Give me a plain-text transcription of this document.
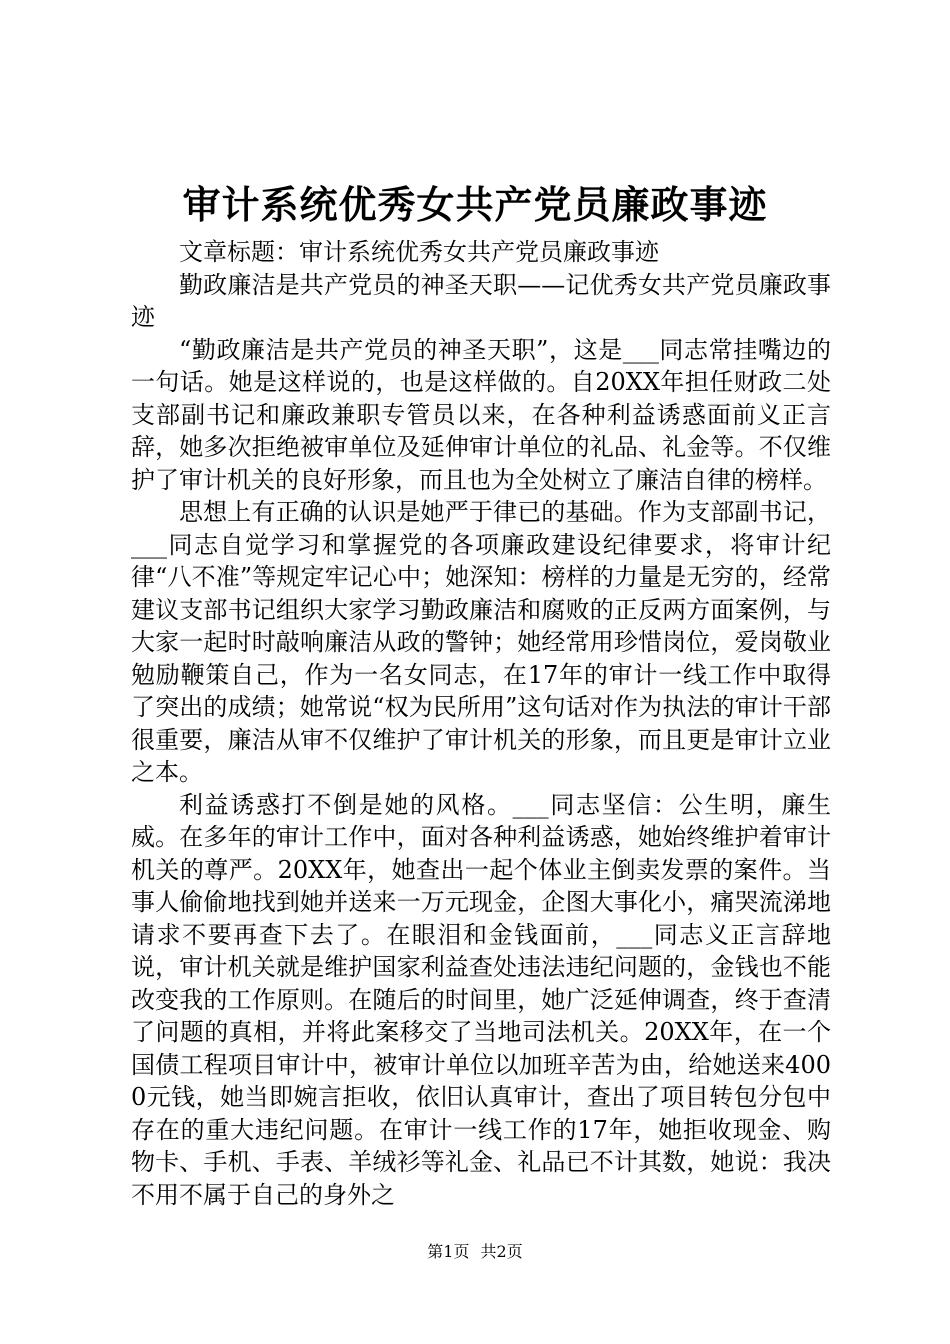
审计系统优秀女共产党员廉政事迹

文章标题：审计系统优秀女共产党员廉政事迹

勤政廉洁是共产党员的神圣天职——记优秀女共产党员廉政事迹

“勤政廉洁是共产党员的神圣天职”，这是___同志常挂嘴边的一句话。她是这样说的，也是这样做的。自20XX年担任财政二处支部副书记和廉政兼职专管员以来，在各种利益诱惑面前义正言辞，她多次拒绝被审单位及延伸审计单位的礼品、礼金等。不仅维护了审计机关的良好形象，而且也为全处树立了廉洁自律的榜样。

思想上有正确的认识是她严于律已的基础。作为支部副书记，___同志自觉学习和掌握党的各项廉政建设纪律要求，将审计纪律“八不准”等规定牢记心中；她深知：榜样的力量是无穷的，经常建议支部书记组织大家学习勤政廉洁和腐败的正反两方面案例，与大家一起时时敲响廉洁从政的警钟；她经常用珍惜岗位，爱岗敬业勉励鞭策自己，作为一名女同志，在17年的审计一线工作中取得了突出的成绩；她常说“权为民所用”这句话对作为执法的审计干部很重要，廉洁从审不仅维护了审计机关的形象，而且更是审计立业之本。

利益诱惑打不倒是她的风格。___同志坚信：公生明，廉生威。在多年的审计工作中，面对各种利益诱惑，她始终维护着审计机关的尊严。20XX年，她查出一起个体业主倒卖发票的案件。当事人偷偷地找到她并送来一万元现金，企图大事化小，痛哭流涕地请求不要再查下去了。在眼泪和金钱面前，___同志义正言辞地说，审计机关就是维护国家利益查处违法违纪问题的，金钱也不能改变我的工作原则。在随后的时间里，她广泛延伸调查，终于查清了问题的真相，并将此案移交了当地司法机关。20XX年，在一个国债工程项目审计中，被审计单位以加班辛苦为由，给她送来4000元钱，她当即婉言拒收，依旧认真审计，查出了项目转包分包中存在的重大违纪问题。在审计一线工作的17年，她拒收现金、购物卡、手机、手表、羊绒衫等礼金、礼品已不计其数，她说：我决不用不属于自己的身外之

第1页 共2页
